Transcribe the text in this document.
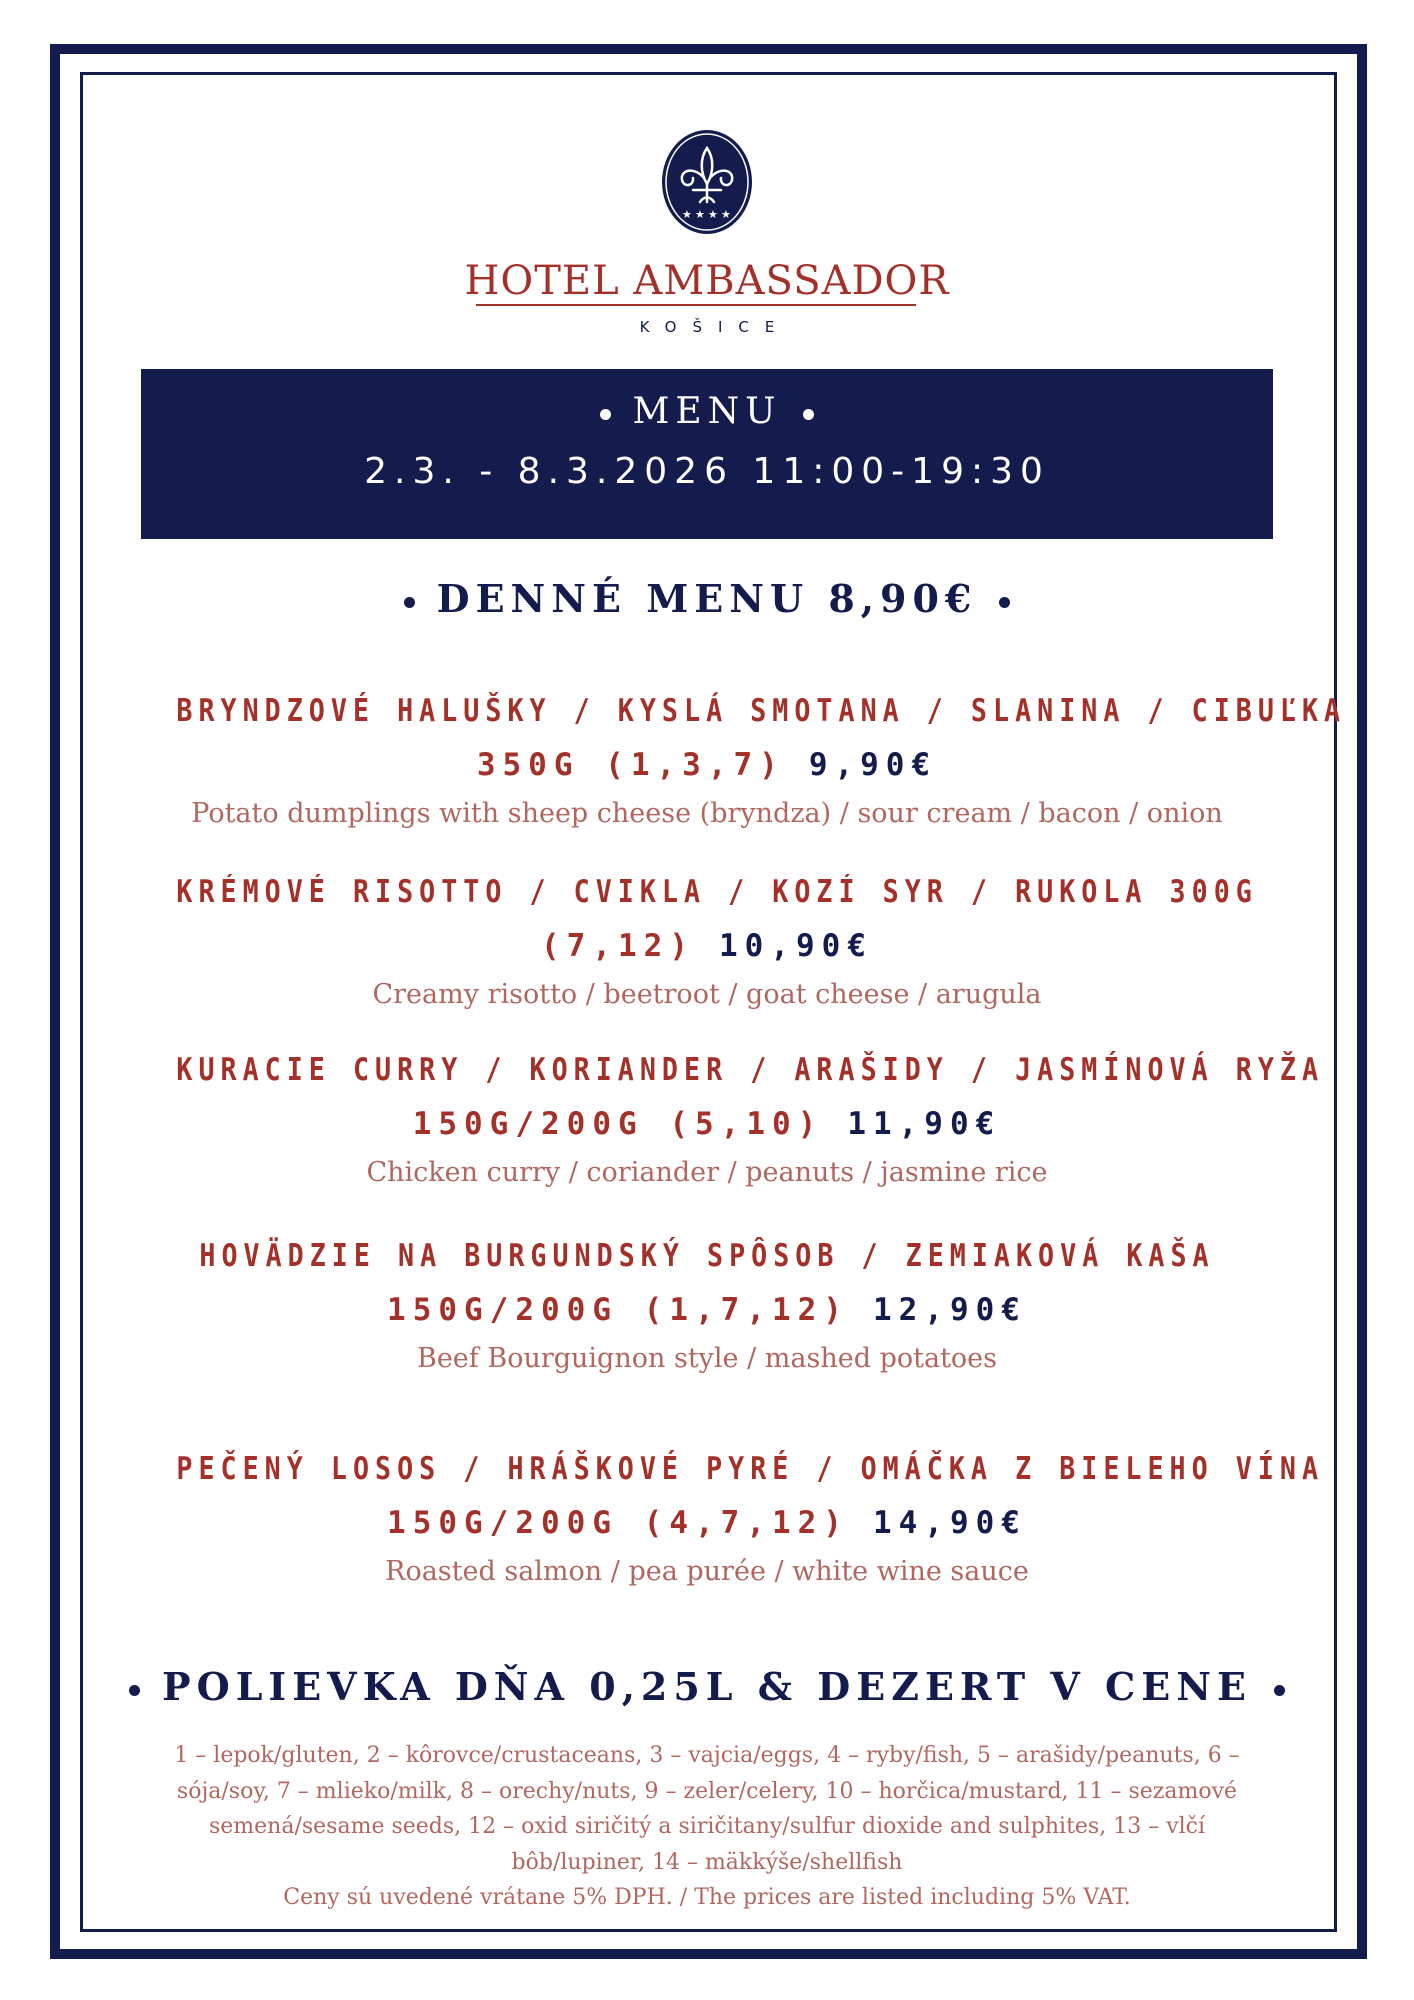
★ ★ ★ ★
HOTEL AMBASSADOR
KOŠICE
MENU
2.3. - 8.3.2026 11:00-19:30
DENNÉ MENU 8,90€
BRYNDZOVÉ HALUŠKY / KYSLÁ SMOTANA / SLANINA / CIBUĽKA
350G (1,3,7) 9,90€
Potato dumplings with sheep cheese (bryndza) / sour cream / bacon / onion
KRÉMOVÉ RISOTTO / CVIKLA / KOZÍ SYR / RUKOLA 300G
(7,12) 10,90€
Creamy risotto / beetroot / goat cheese / arugula
KURACIE CURRY / KORIANDER / ARAŠIDY / JASMÍNOVÁ RYŽA
150G/200G (5,10) 11,90€
Chicken curry / coriander / peanuts / jasmine rice
HOVÄDZIE NA BURGUNDSKÝ SPÔSOB / ZEMIAKOVÁ KAŠA
150G/200G (1,7,12) 12,90€
Beef Bourguignon style / mashed potatoes
PEČENÝ LOSOS / HRÁŠKOVÉ PYRÉ / OMÁČKA Z BIELEHO VÍNA
150G/200G (4,7,12) 14,90€
Roasted salmon / pea purée / white wine sauce
POLIEVKA DŇA 0,25L & DEZERT V CENE
1 – lepok/gluten, 2 – kôrovce/crustaceans, 3 – vajcia/eggs, 4 – ryby/fish, 5 – arašidy/peanuts, 6 – sója/soy, 7 – mlieko/milk, 8 – orechy/nuts, 9 – zeler/celery, 10 – horčica/mustard, 11 – sezamové semená/sesame seeds, 12 – oxid siričitý a siričitany/sulfur dioxide and sulphites, 13 – vlčí bôb/lupiner, 14 – mäkkýše/shellfish
Ceny sú uvedené vrátane 5% DPH. / The prices are listed including 5% VAT.
